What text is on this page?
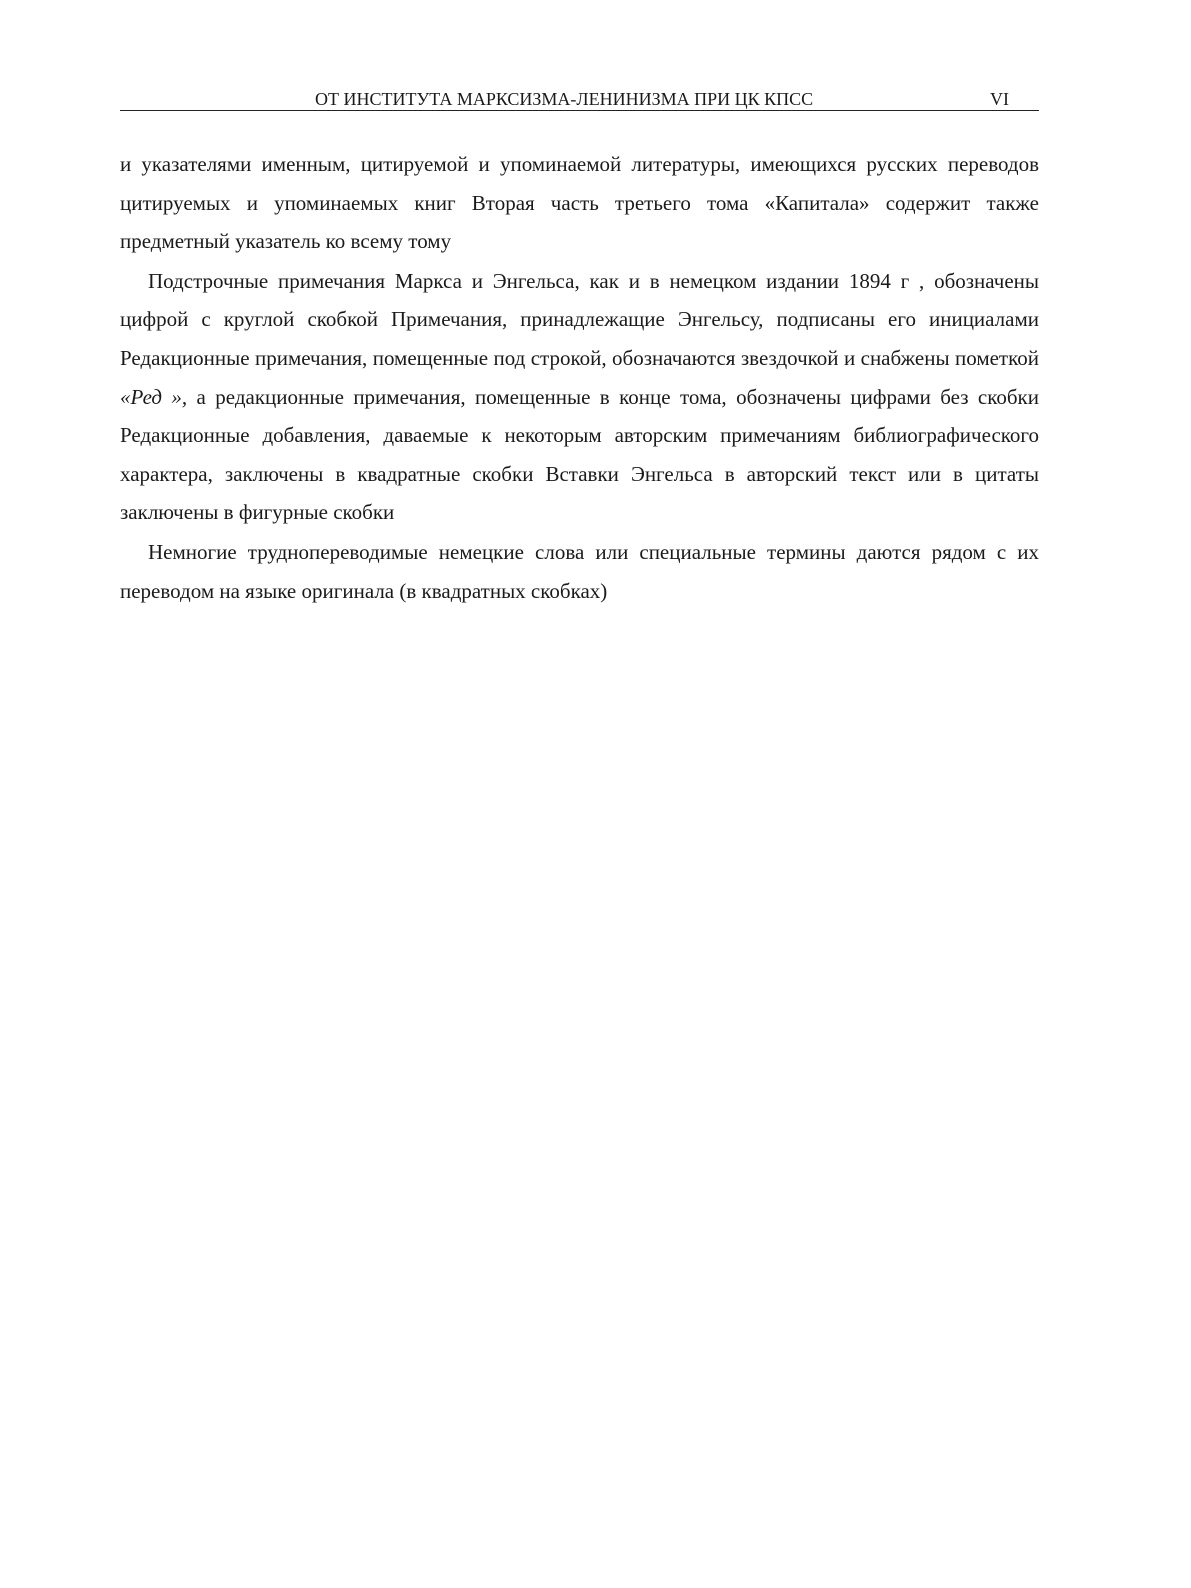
ОТ ИНСТИТУТА МАРКСИЗМА-ЛЕНИНИЗМА ПРИ ЦК КПСС	VI

и указателями именным, цитируемой и упоминаемой литературы, имеющихся русских переводов цитируемых и упоминаемых книг Вторая часть третьего тома «Капитала» содержит также предметный указатель ко всему тому

Подстрочные примечания Маркса и Энгельса, как и в немецком издании 1894 г , обозначены цифрой с круглой скобкой Примечания, принадлежащие Энгельсу, подписаны его инициалами Редакционные примечания, помещенные под строкой, обозначаются звездочкой и снабжены пометкой «Ред », а редакционные примечания, помещенные в конце тома, обозначены цифрами без скобки Редакционные добавления, даваемые к некоторым авторским примечаниям библиографического характера, заключены в квадратные скобки Вставки Энгельса в авторский текст или в цитаты заключены в фигурные скобки

Немногие труднопереводимые немецкие слова или специальные термины даются рядом с их переводом на языке оригинала (в квадратных скобках)
